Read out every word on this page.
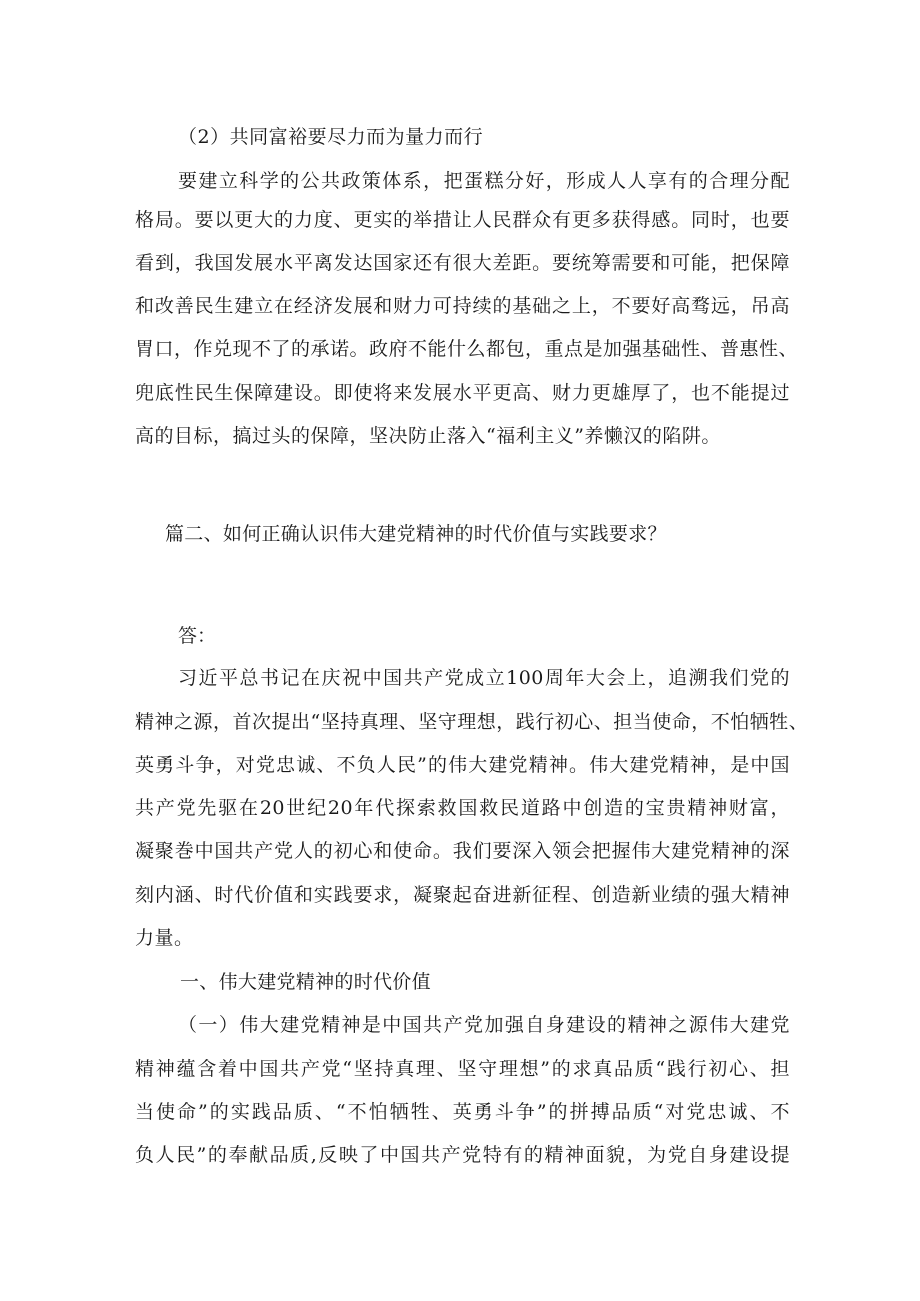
（2）共同富裕要尽力而为量力而行
要建立科学的公共政策体系，把蛋糕分好，形成人人享有的合理分配
格局。要以更大的力度、更实的举措让人民群众有更多获得感。同时，也要
看到，我国发展水平离发达国家还有很大差距。要统筹需要和可能，把保障
和改善民生建立在经济发展和财力可持续的基础之上，不要好高骛远，吊高
胃口，作兑现不了的承诺。政府不能什么都包，重点是加强基础性、普惠性、
兜底性民生保障建设。即使将来发展水平更高、财力更雄厚了，也不能提过
高的目标，搞过头的保障，坚决防止落入“福利主义”养懒汉的陷阱。
篇二、如何正确认识伟大建党精神的时代价值与实践要求？
答：
习近平总书记在庆祝中国共产党成立100周年大会上，追溯我们党的
精神之源，首次提出“坚持真理、坚守理想，践行初心、担当使命，不怕牺牲、
英勇斗争，对党忠诚、不负人民”的伟大建党精神。伟大建党精神，是中国
共产党先驱在20世纪20年代探索救国救民道路中创造的宝贵精神财富，
凝聚巻中国共产党人的初心和使命。我们要深入领会把握伟大建党精神的深
刻内涵、时代价值和实践要求，凝聚起奋进新征程、创造新业绩的强大精神
力量。
一、伟大建党精神的时代价值
（一）伟大建党精神是中国共产党加强自身建设的精神之源伟大建党
精神蕴含着中国共产党“坚持真理、坚守理想”的求真品质“践行初心、担
当使命”的实践品质、“不怕牺牲、英勇斗争”的拼搏品质“对党忠诚、不
负人民”的奉献品质,反映了中国共产党特有的精神面貌，为党自身建设提
